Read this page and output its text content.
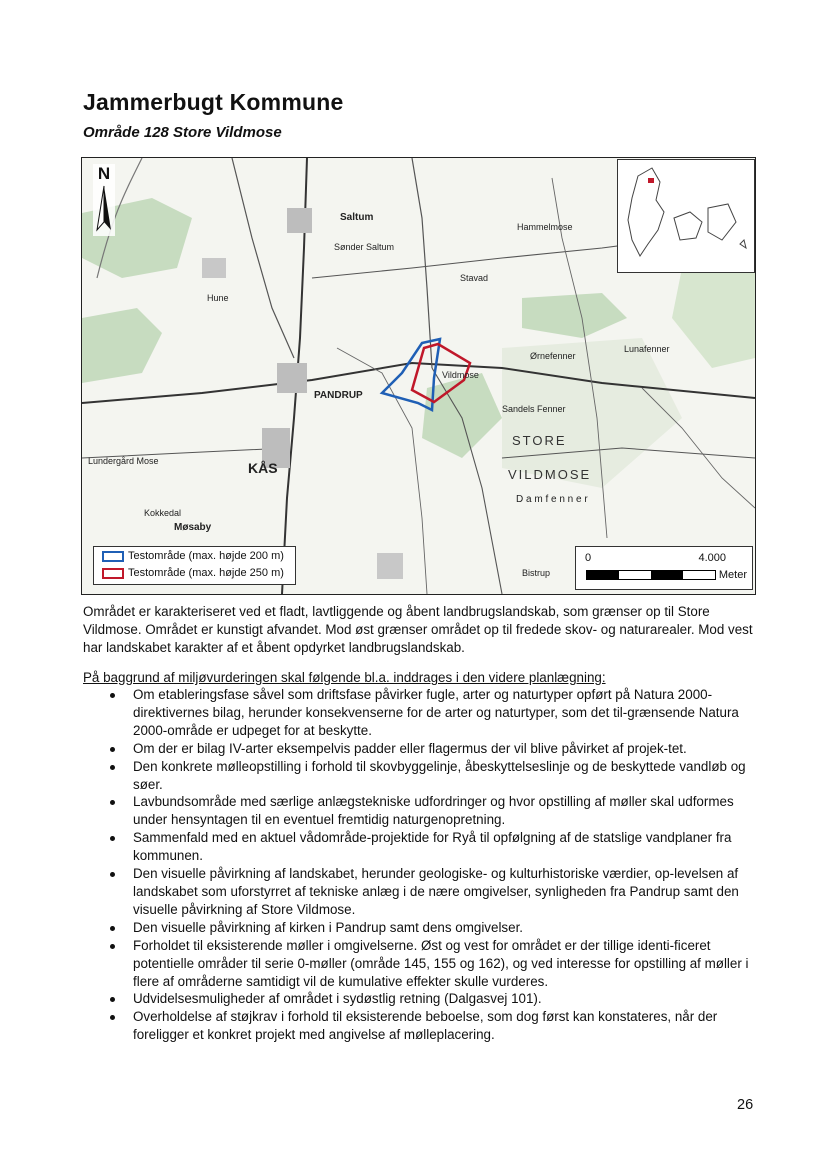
Jammerbugt Kommune
Område 128 Store Vildmose
N
Saltum
Sønder Saltum
PANDRUP
KÅS
STORE
VILDMOSE
D a m f e n n e r
Ørnefenner
Lunafenner
Sandels Fenner
Lundergård Mose
Kokkedal
Møsaby
Hune
Hammelmose
Stavad
Bistrup
Vildmose
Testområde (max. højde 200 m)
Testområde (max. højde 250 m)
0	4.000
Meter

Området er karakteriseret ved et fladt, lavtliggende og åbent landbrugslandskab, som grænser op til Store Vildmose. Området er kunstigt afvandet. Mod øst grænser området op til fredede skov- og naturarealer. Mod vest har landskabet karakter af et åbent opdyrket landbrugslandskab.

På baggrund af miljøvurderingen skal følgende bl.a. inddrages i den videre planlægning:

Om etableringsfase såvel som driftsfase påvirker fugle, arter og naturtyper opført på Natura 2000-direktivernes bilag, herunder konsekvenserne for de arter og naturtyper, som det til-grænsende Natura 2000-område er udpeget for at beskytte.
Om der er bilag IV-arter eksempelvis padder eller flagermus der vil blive påvirket af projek-tet.
Den konkrete mølleopstilling i forhold til skovbyggelinje, åbeskyttelseslinje og de beskyttede vandløb og søer.
Lavbundsområde med særlige anlægstekniske udfordringer og hvor opstilling af møller skal udformes under hensyntagen til en eventuel fremtidig naturgenopretning.
Sammenfald med en aktuel vådområde-projektide for Ryå til opfølgning af de statslige vandplaner fra kommunen.
Den visuelle påvirkning af landskabet, herunder geologiske- og kulturhistoriske værdier, op-levelsen af landskabet som uforstyrret af tekniske anlæg i de nære omgivelser, synligheden fra Pandrup samt den visuelle påvirkning af Store Vildmose.
Den visuelle påvirkning af kirken i Pandrup samt dens omgivelser.
Forholdet til eksisterende møller i omgivelserne. Øst og vest for området er der tillige identi-ficeret potentielle områder til serie 0-møller (område 145, 155 og 162), og ved interesse for opstilling af møller i flere af områderne samtidigt vil de kumulative effekter skulle vurderes.
Udvidelsesmuligheder af området i sydøstlig retning (Dalgasvej 101).
Overholdelse af støjkrav i forhold til eksisterende beboelse, som dog først kan konstateres, når der foreligger et konkret projekt med angivelse af mølleplacering.

26
